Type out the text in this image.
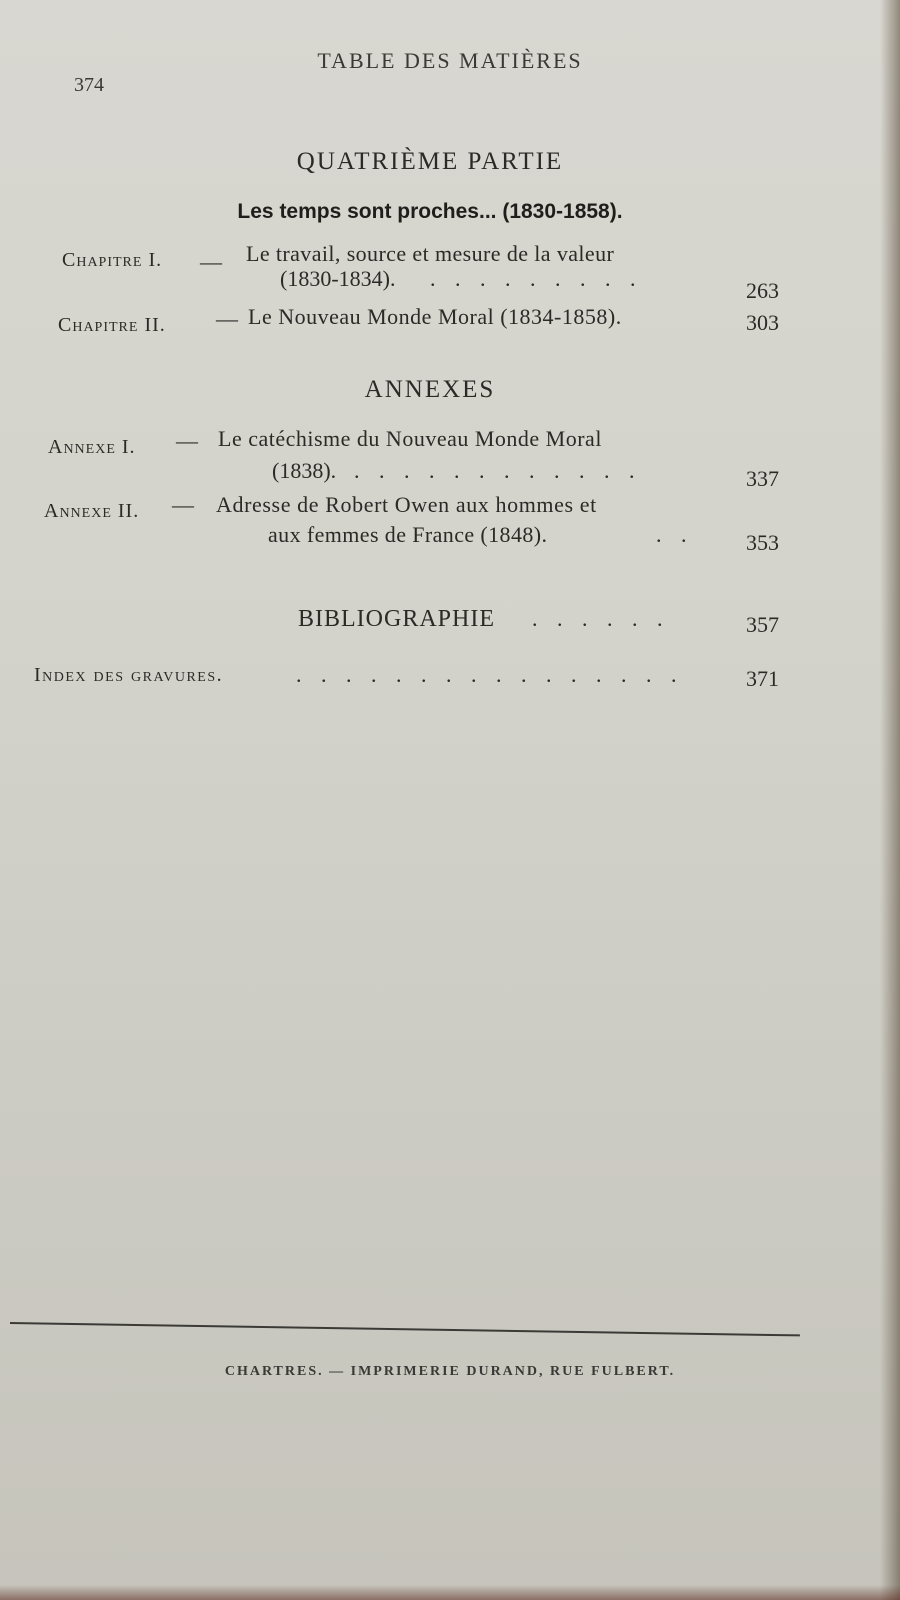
374
TABLE DES MATIÈRES
QUATRIÈME PARTIE
Les temps sont proches... (1830-1858).
Chapitre I. — Le travail, source et mesure de la valeur
(1830-1834). . . . . . . . . .	263
Chapitre II. — Le Nouveau Monde Moral (1834-1858).	303
ANNEXES
Annexe I. — Le catéchisme du Nouveau Monde Moral
(1838). . . . . . . . . . . . .	337
Annexe II. — Adresse de Robert Owen aux hommes et
aux femmes de France (1848).	. . 353
BIBLIOGRAPHIE . . . . . .	357
Index des gravures.	. . . . . . . . . . . . . . . .	371
CHARTRES. — IMPRIMERIE DURAND, RUE FULBERT.
